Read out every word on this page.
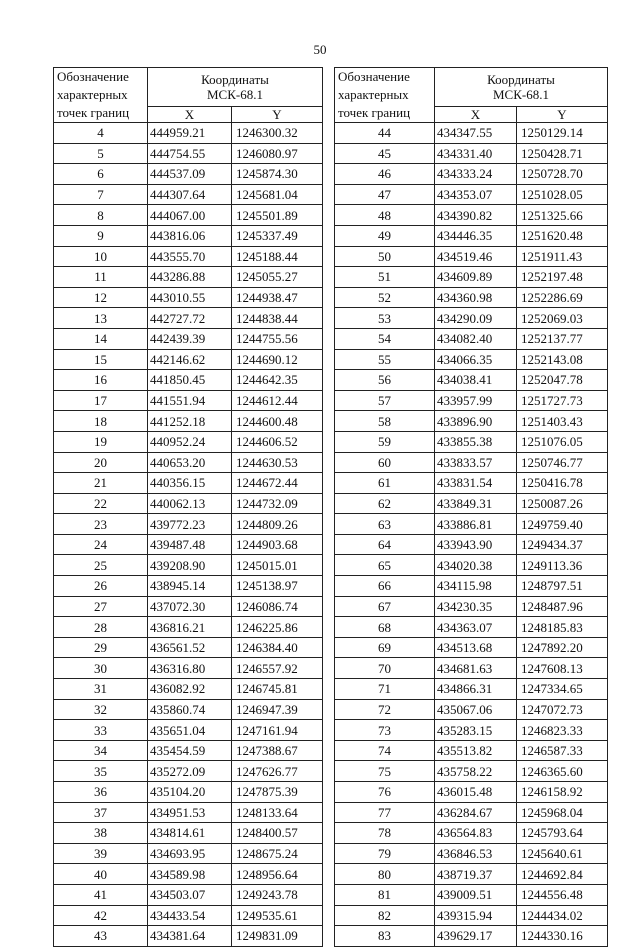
50
Обозначение характерных точек границ	Координаты
МСК-68.1	

	X	Y
4	444959.21	1246300.32
5	444754.55	1246080.97
6	444537.09	1245874.30
7	444307.64	1245681.04
8	444067.00	1245501.89
9	443816.06	1245337.49
10	443555.70	1245188.44
11	443286.88	1245055.27
12	443010.55	1244938.47
13	442727.72	1244838.44
14	442439.39	1244755.56
15	442146.62	1244690.12
16	441850.45	1244642.35
17	441551.94	1244612.44
18	441252.18	1244600.48
19	440952.24	1244606.52
20	440653.20	1244630.53
21	440356.15	1244672.44
22	440062.13	1244732.09
23	439772.23	1244809.26
24	439487.48	1244903.68
25	439208.90	1245015.01
26	438945.14	1245138.97
27	437072.30	1246086.74
28	436816.21	1246225.86
29	436561.52	1246384.40
30	436316.80	1246557.92
31	436082.92	1246745.81
32	435860.74	1246947.39
33	435651.04	1247161.94
34	435454.59	1247388.67
35	435272.09	1247626.77
36	435104.20	1247875.39
37	434951.53	1248133.64
38	434814.61	1248400.57
39	434693.95	1248675.24
40	434589.98	1248956.64
41	434503.07	1249243.78
42	434433.54	1249535.61
43	434381.64	1249831.09
Обозначение характерных точек границ	Координаты
МСК-68.1	

	X	Y
44	434347.55	1250129.14
45	434331.40	1250428.71
46	434333.24	1250728.70
47	434353.07	1251028.05
48	434390.82	1251325.66
49	434446.35	1251620.48
50	434519.46	1251911.43
51	434609.89	1252197.48
52	434360.98	1252286.69
53	434290.09	1252069.03
54	434082.40	1252137.77
55	434066.35	1252143.08
56	434038.41	1252047.78
57	433957.99	1251727.73
58	433896.90	1251403.43
59	433855.38	1251076.05
60	433833.57	1250746.77
61	433831.54	1250416.78
62	433849.31	1250087.26
63	433886.81	1249759.40
64	433943.90	1249434.37
65	434020.38	1249113.36
66	434115.98	1248797.51
67	434230.35	1248487.96
68	434363.07	1248185.83
69	434513.68	1247892.20
70	434681.63	1247608.13
71	434866.31	1247334.65
72	435067.06	1247072.73
73	435283.15	1246823.33
74	435513.82	1246587.33
75	435758.22	1246365.60
76	436015.48	1246158.92
77	436284.67	1245968.04
78	436564.83	1245793.64
79	436846.53	1245640.61
80	438719.37	1244692.84
81	439009.51	1244556.48
82	439315.94	1244434.02
83	439629.17	1244330.16
